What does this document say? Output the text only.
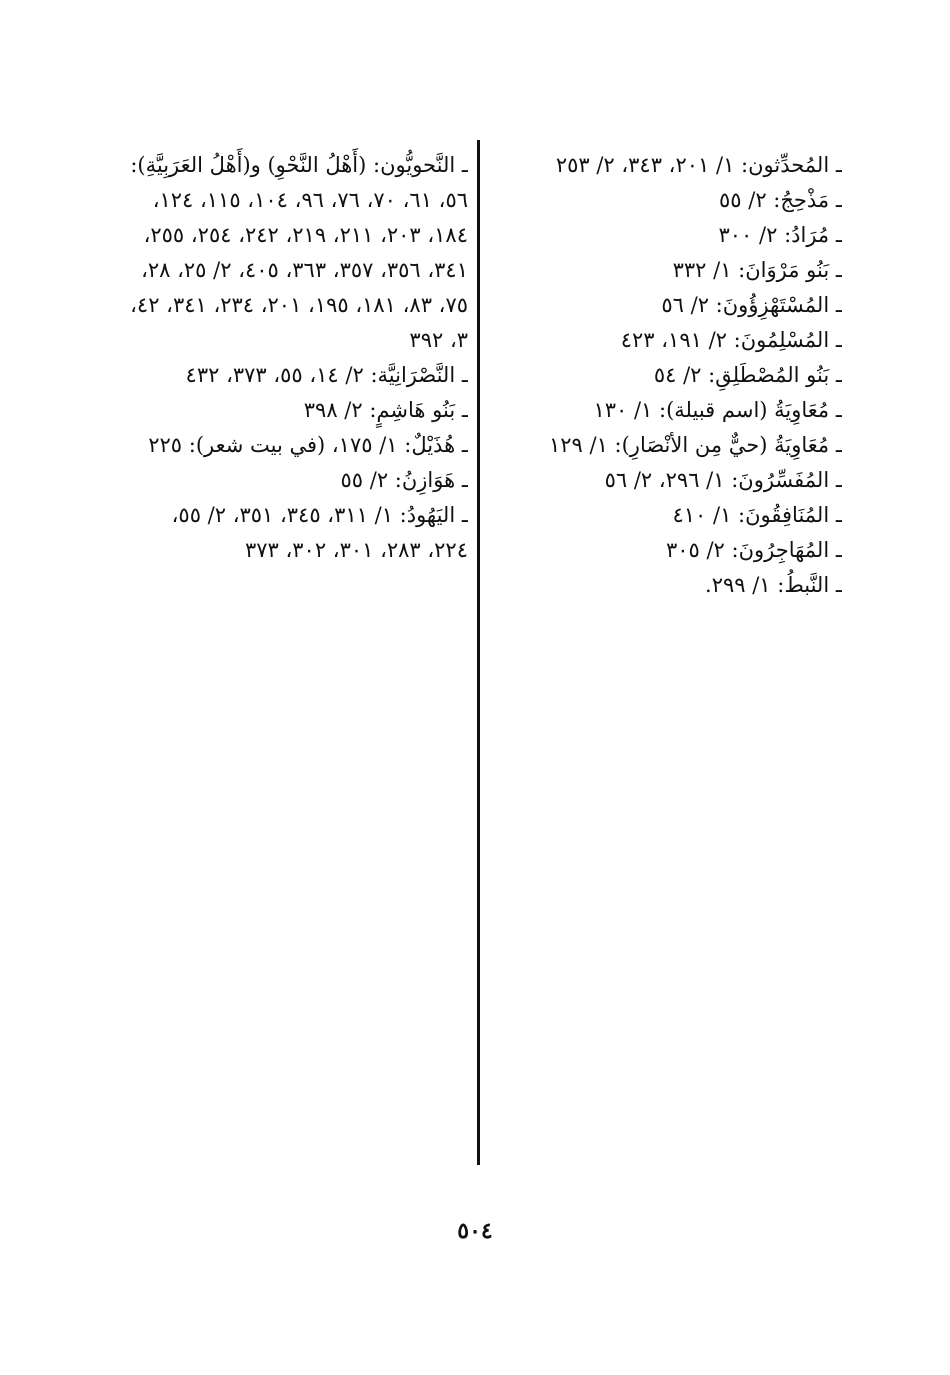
ـ المُحدِّثون: ١/ ٢٠١، ٣٤٣، ٢/ ٢٥٣
ـ مَذْحِجُ: ٢/ ٥٥
ـ مُرَادُ: ٢/ ٣٠٠
ـ بَنُو مَرْوَانَ: ١/ ٣٣٢
ـ المُسْتَهْزِؤُونَ: ٢/ ٥٦
ـ المُسْلِمُونَ: ٢/ ١٩١، ٤٢٣
ـ بَنُو المُصْطَلِقِ: ٢/ ٥٤
ـ مُعَاوِيَةُ (اسم قبيلة): ١/ ١٣٠
ـ مُعَاوِيَةُ (حيٌّ مِن الأنْصَارِ): ١/ ١٢٩
ـ المُفَسِّرُونَ: ١/ ٢٩٦، ٢/ ٥٦
ـ المُنَافِقُونَ: ١/ ٤١٠
ـ المُهَاجِرُونَ: ٢/ ٣٠٥
ـ النَّبطُ: ١/ ٢٩٩.
ـ النَّحويُّون: (أَهْلُ النَّحْوِ) و(أَهْلُ العَرَبِيَّةِ):
٥٦، ٦١، ٧٠، ٧٦، ٩٦، ١٠٤، ١١٥، ١٢٤،
١٨٤، ٢٠٣، ٢١١، ٢١٩، ٢٤٢، ٢٥٤، ٢٥٥،
٣٤١، ٣٥٦، ٣٥٧، ٣٦٣، ٤٠٥، ٢/ ٢٥، ٢٨،
٧٥، ٨٣، ١٨١، ١٩٥، ٢٠١، ٢٣٤، ٣٤١، ٤٢،
٣، ٣٩٢
ـ النَّصْرَانِيَّة: ٢/ ١٤، ٥٥، ٣٧٣، ٤٣٢
ـ بَنُو هَاشِمٍ: ٢/ ٣٩٨
ـ هُذَيْلٌ: ١/ ١٧٥، (في بيت شعر): ٢٢٥
ـ هَوَازِنُ: ٢/ ٥٥
ـ اليَهُودُ: ١/ ٣١١، ٣٤٥، ٣٥١، ٢/ ٥٥،
٢٢٤، ٢٨٣، ٣٠١، ٣٠٢، ٣٧٣
٥٠٤
